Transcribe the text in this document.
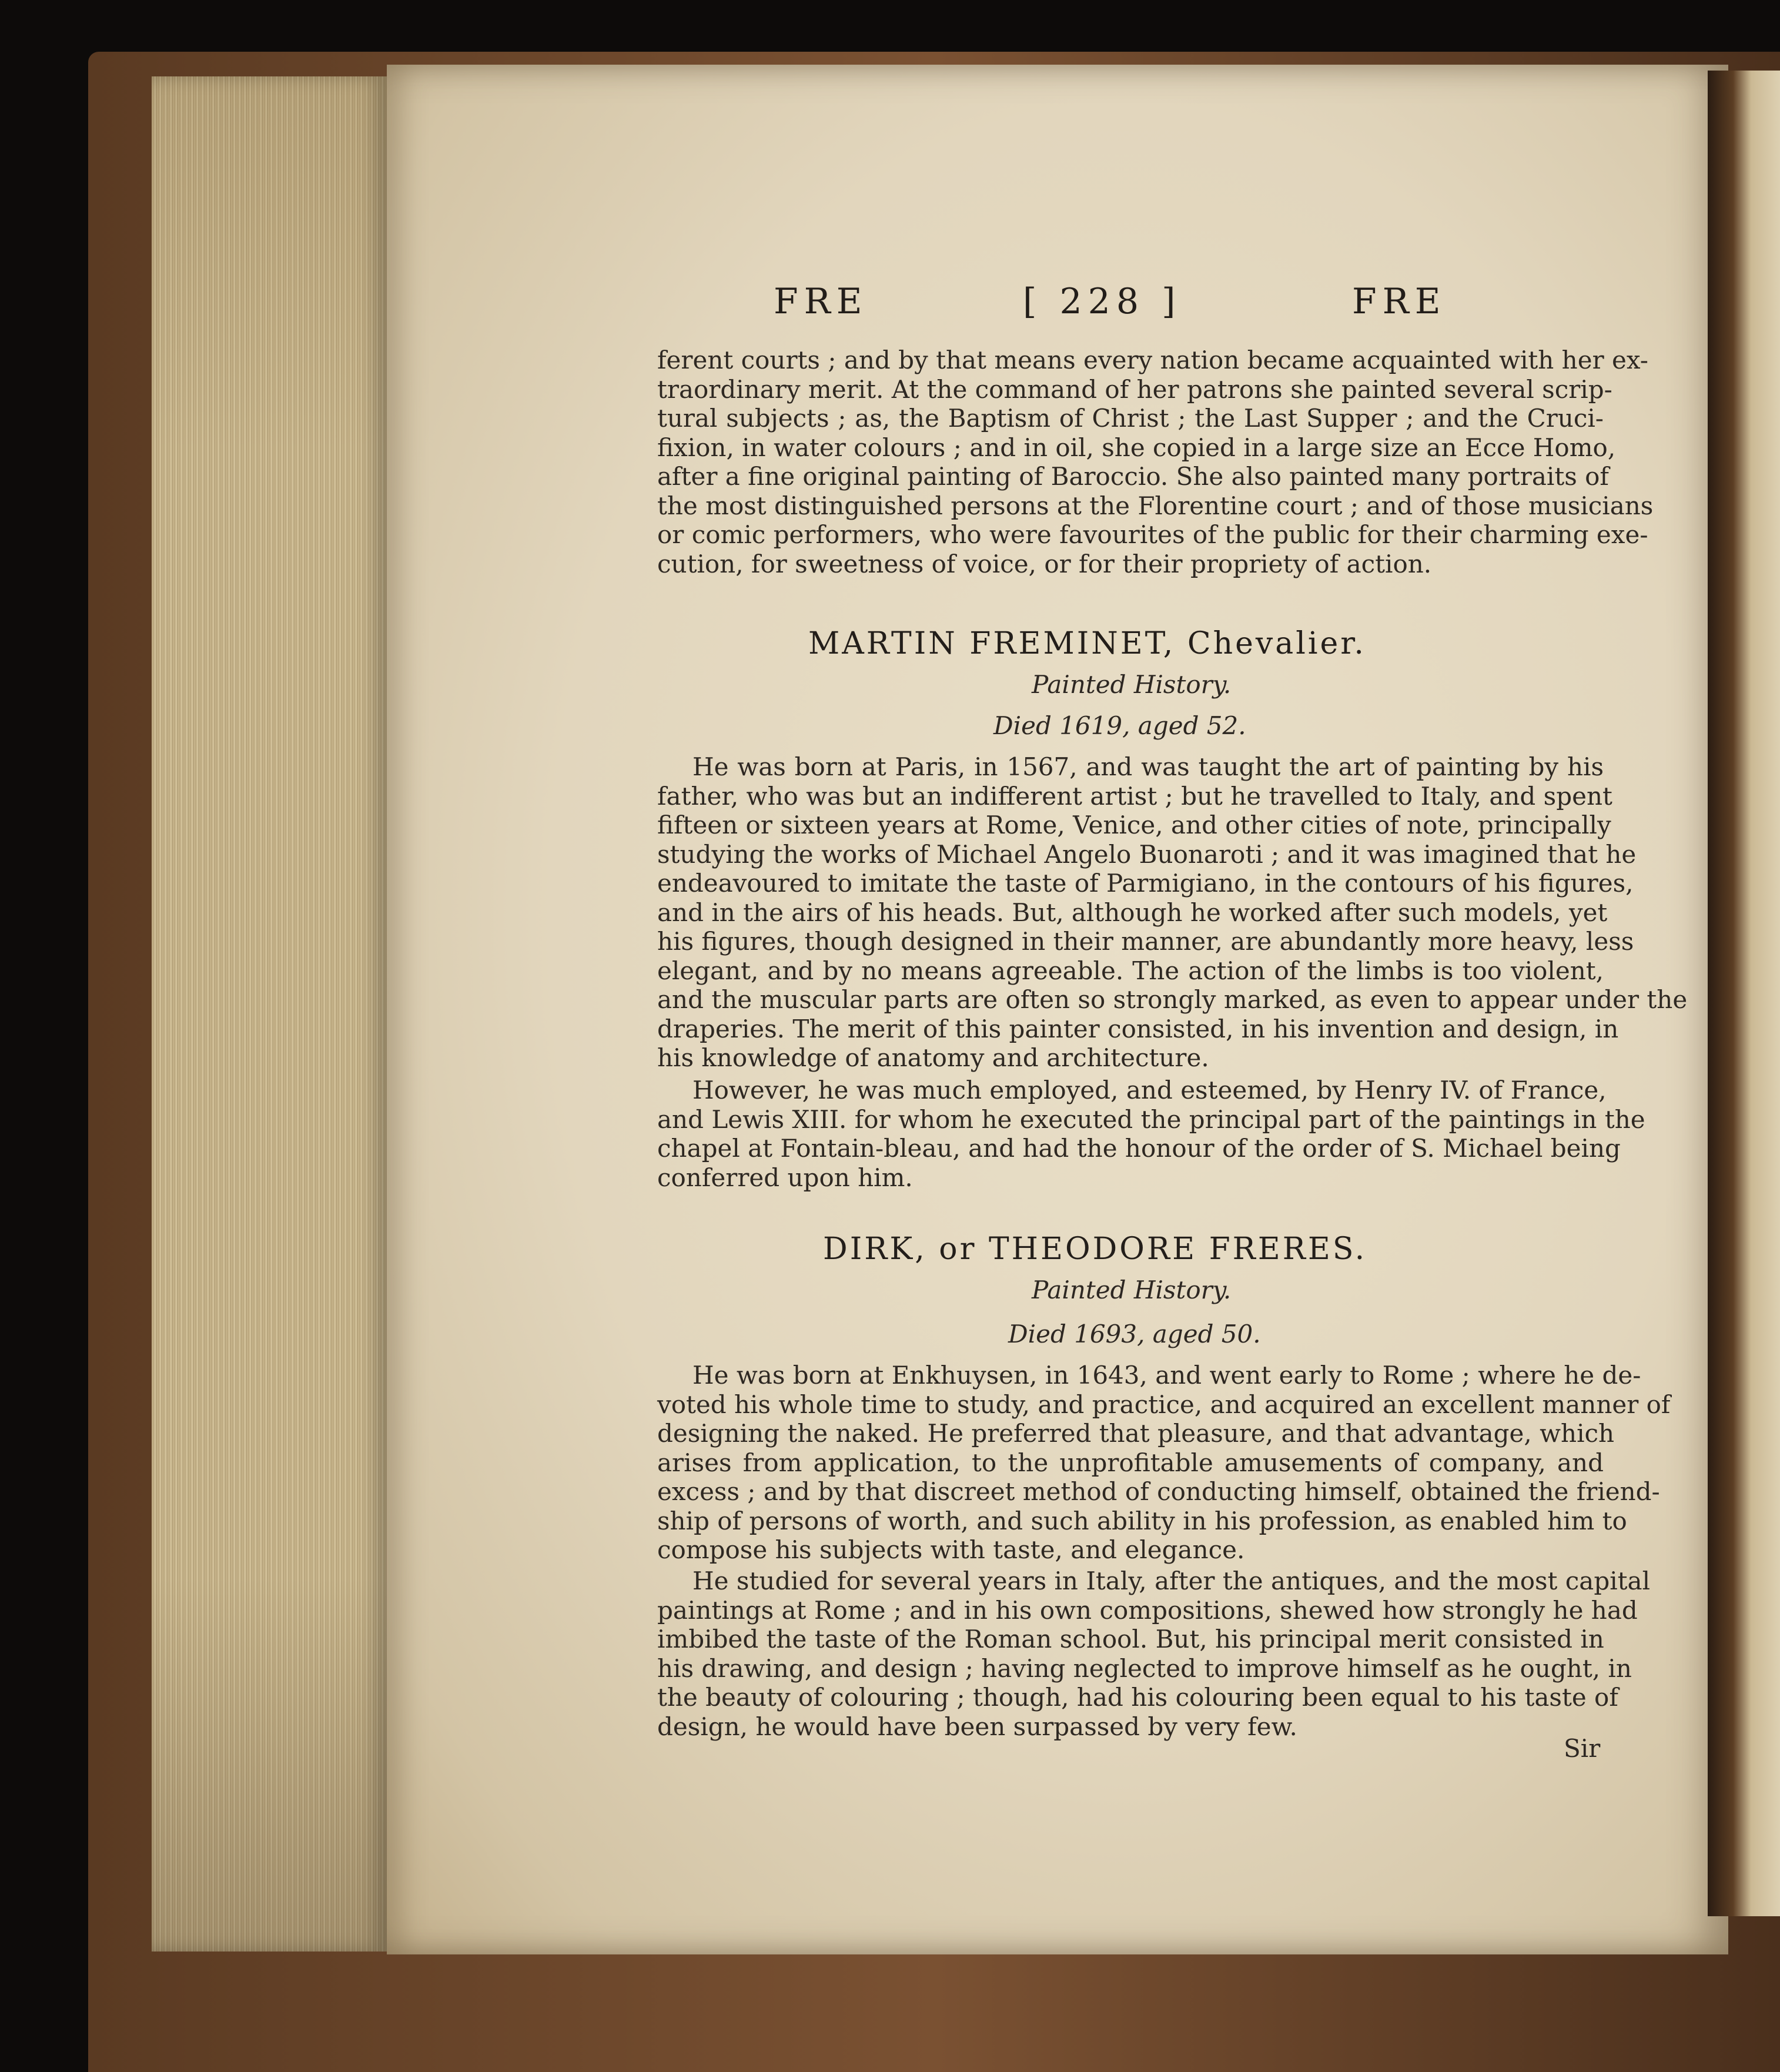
FRE	[ 228 ]	FRE
ferent courts ; and by that means every nation became acquainted with her ex-
traordinary merit. At the command of her patrons she painted several scrip-
tural subjects ; as, the Baptism of Christ ; the Last Supper ; and the Cruci-
fixion, in water colours ; and in oil, she copied in a large size an Ecce Homo,
after a fine original painting of Baroccio. She also painted many portraits of
the most distinguished persons at the Florentine court ; and of those musicians
or comic performers, who were favourites of the public for their charming exe-
cution, for sweetness of voice, or for their propriety of action.
MARTIN FREMINET, Chevalier.
Painted History.
Died 1619, aged 52.
He was born at Paris, in 1567, and was taught the art of painting by his
father, who was but an indifferent artist ; but he travelled to Italy, and spent
fifteen or sixteen years at Rome, Venice, and other cities of note, principally
studying the works of Michael Angelo Buonaroti ; and it was imagined that he
endeavoured to imitate the taste of Parmigiano, in the contours of his figures,
and in the airs of his heads. But, although he worked after such models, yet
his figures, though designed in their manner, are abundantly more heavy, less
elegant, and by no means agreeable. The action of the limbs is too violent,
and the muscular parts are often so strongly marked, as even to appear under the
draperies. The merit of this painter consisted, in his invention and design, in
his knowledge of anatomy and architecture.
However, he was much employed, and esteemed, by Henry IV. of France,
and Lewis XIII. for whom he executed the principal part of the paintings in the
chapel at Fontain-bleau, and had the honour of the order of S. Michael being
conferred upon him.
DIRK, or THEODORE FRERES.
Painted History.
Died 1693, aged 50.
He was born at Enkhuysen, in 1643, and went early to Rome ; where he de-
voted his whole time to study, and practice, and acquired an excellent manner of
designing the naked. He preferred that pleasure, and that advantage, which
arises from application, to the unprofitable amusements of company, and
excess ; and by that discreet method of conducting himself, obtained the friend-
ship of persons of worth, and such ability in his profession, as enabled him to
compose his subjects with taste, and elegance.
He studied for several years in Italy, after the antiques, and the most capital
paintings at Rome ; and in his own compositions, shewed how strongly he had
imbibed the taste of the Roman school. But, his principal merit consisted in
his drawing, and design ; having neglected to improve himself as he ought, in
the beauty of colouring ; though, had his colouring been equal to his taste of
design, he would have been surpassed by very few.
Sir
